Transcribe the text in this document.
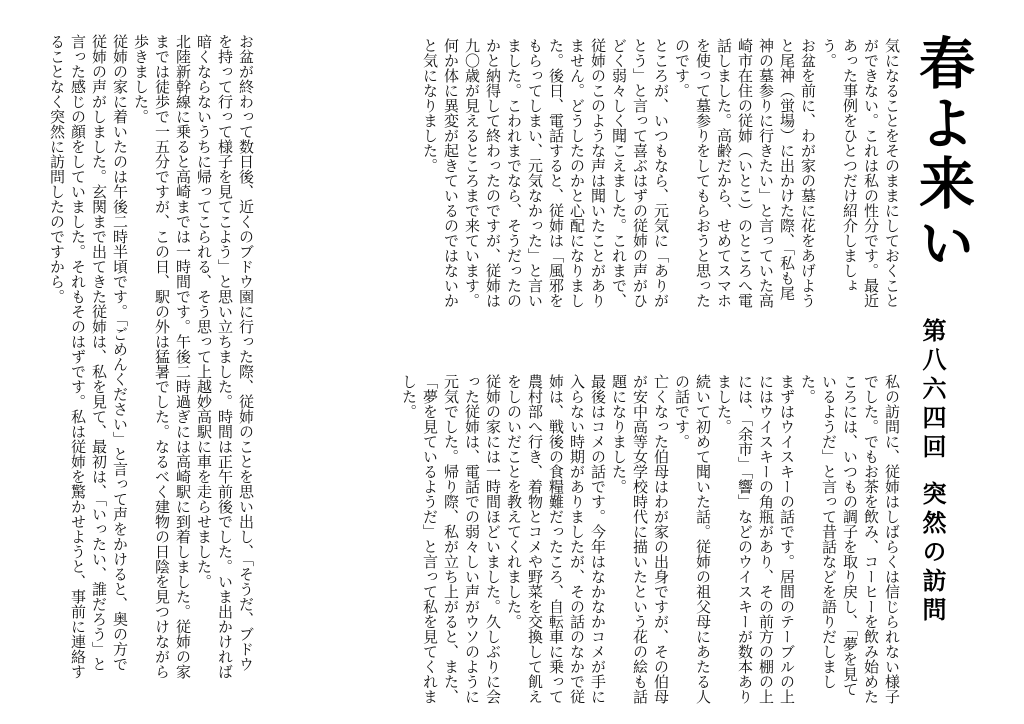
春よ来い
第八六四回突然の訪問
気になることをそのままにしておくことができない。これは私の性分です。最近あった事例をひとつだけ紹介しましょう。
お盆を前に、わが家の墓に花をあげようと尾神（蛍場）に出かけた際、「私も尾神の墓参りに行きたい」と言っていた高崎市在住の従姉（いとこ）のところへ電話しました。高齢だから、せめてスマホを使って墓参りをしてもらおうと思ったのです。
ところが、いつもなら、元気に「ありがとう」と言って喜ぶはずの従姉の声がひどく弱々しく聞こえました。これまで、従姉のこのような声は聞いたことがありません。どうしたのかと心配になりました。後日、電話すると、従姉は「風邪をもらってしまい、元気なかった」と言いました。こわれまでなら、そうだったのかと納得して終わったのですが、従姉は九〇歳が見えるところまで来ています。何か体に異変が起きているのではないかと気になりました。
私の訪問に、従姉はしばらくは信じられない様子でした。でもお茶を飲み、コーヒーを飲み始めたころには、いつもの調子を取り戻し、「夢を見ているようだ」と言って昔話などを語りだしました。
まずはウイスキーの話です。居間のテーブルの上にはウイスキーの角瓶があり、その前方の棚の上には、「余市」「響」などのウイスキーが数本ありました。
続いて初めて聞いた話。従姉の祖父母にあたる人の話です。
亡くなった伯母はわが家の出身ですが、その伯母が安中高等女学校時代に描いたという花の絵も話題になりました。
最後はコメの話です。今年はなかなかコメが手に入らない時期がありましたが、その話のなかで従姉は、戦後の食糧難だったころ、自転車に乗って農村部へ行き、着物とコメや野菜を交換して飢えをしのいだことを教えてくれました。
従姉の家には一時間ほどいました。久しぶりに会った従姉は、電話での弱々しい声がウソのように元気でした。帰り際、私が立ち上がると、また、「夢を見ているようだ」と言って私を見てくれました。
お盆が終わって数日後、近くのブドウ園に行った際、従姉のことを思い出し、「そうだ、ブドウを持って行って様子を見てこよう」と思い立ちました。時間は正午前後でした。いま出かければ暗くならないうちに帰ってこられる、そう思って上越妙高駅に車を走らせました。
北陸新幹線に乗ると高崎までは一時間です。午後二時過ぎには高崎駅に到着しました。従姉の家までは徒歩で一五分ですが、この日、駅の外は猛暑でした。なるべく建物の日陰を見つけながら歩きました。
従姉の家に着いたのは午後二時半頃です。「ごめんください」と言って声をかけると、奥の方で従姉の声がしました。玄関まで出てきた従姉は、私を見て、最初は、「いったい、誰だろう」と言った感じの顔をしていました。それもそのはずです。私は従姉を驚かせようと、事前に連絡することなく突然に訪問したのですから。
